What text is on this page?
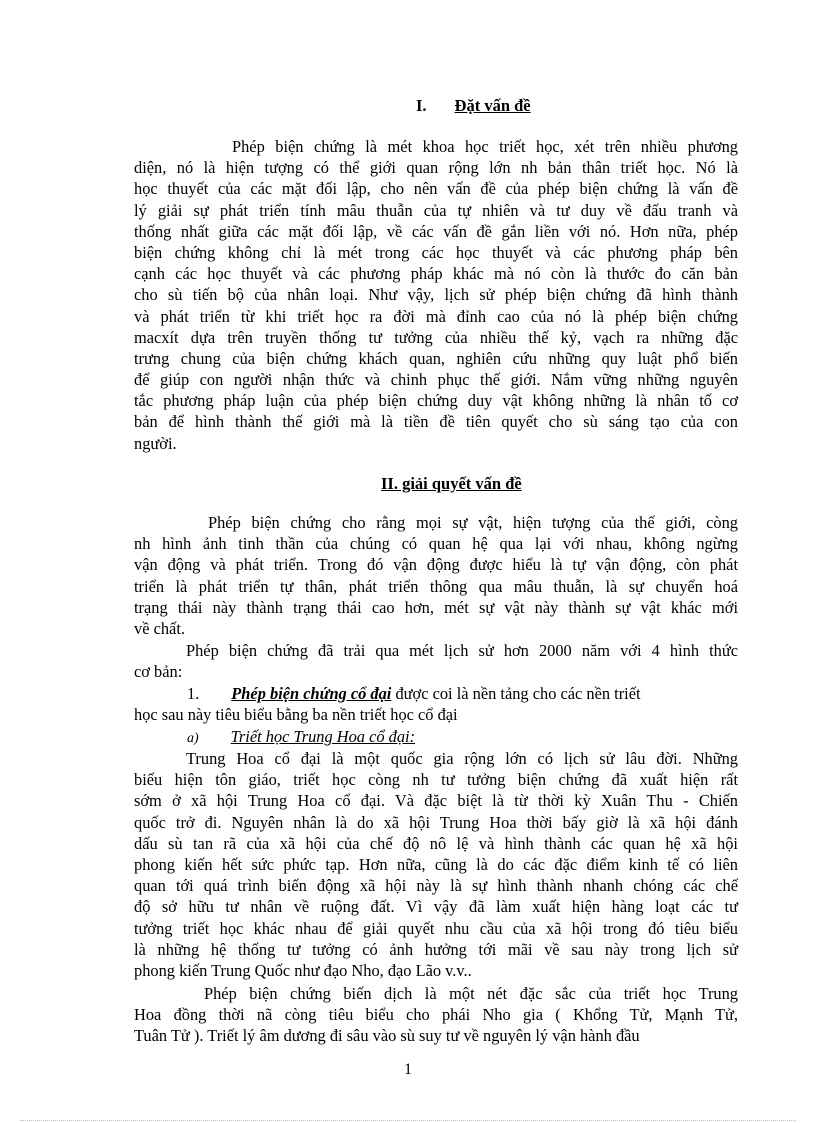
I. Đặt vấn đề
Phép biện chứng là mét khoa học triết học, xét trên nhiều phương
diện, nó là hiện tượng có thể giới quan rộng lớn nh bản thân triết học. Nó là
học thuyết của các mặt đối lập, cho nên vấn đề của phép biện chứng là vấn đề
lý giải sự phát triển tính mâu thuẫn của tự nhiên và tư duy về đấu tranh và
thống nhất giữa các mặt đối lập, về các vấn đề gắn liền với nó. Hơn nữa, phép
biện chứng không chỉ là mét trong các học thuyết và các phương pháp bên
cạnh các học thuyết và các phương pháp khác mà nó còn là thước đo căn bản
cho sù tiến bộ của nhân loại. Như vậy, lịch sử phép biện chứng đã hình thành
và phát triển từ khi triết học ra đời mà đỉnh cao của nó là phép biện chứng
macxít dựa trên truyền thống tư tưởng của nhiều thế kỷ, vạch ra những đặc
trưng chung của biện chứng khách quan, nghiên cứu những quy luật phổ biến
để giúp con người nhận thức và chinh phục thế giới. Nắm vững những nguyên
tắc phương pháp luận của phép biện chứng duy vật không những là nhân tố cơ
bản để hình thành thế giới mà là tiền đề tiên quyết cho sù sáng tạo của con
người.
II. giải quyết vấn đề
Phép biện chứng cho rằng mọi sự vật, hiện tượng của thế giới, còng
nh hình ảnh tinh thần của chúng có quan hệ qua lại với nhau, không ngừng
vận động và phát triển. Trong đó vận động được hiểu là tự vận động, còn phát
triển là phát triển tự thân, phát triển thông qua mâu thuẫn, là sự chuyển hoá
trạng thái này thành trạng thái cao hơn, mét sự vật này thành sự vật khác mới
về chất.
Phép biện chứng đã trải qua mét lịch sử hơn 2000 năm với 4 hình thức
cơ bản:
1. Phép biện chứng cổ đại được coi là nền tảng cho các nền triết
học sau này tiêu biểu bằng ba nền triết học cổ đại
a) Triết học Trung Hoa cổ đại:
Trung Hoa cổ đại là một quốc gia rộng lớn có lịch sử lâu đời. Những
biểu hiện tôn giáo, triết học còng nh tư tưởng biện chứng đã xuất hiện rất
sớm ở xã hội Trung Hoa cổ đại. Và đặc biệt là từ thời kỳ Xuân Thu - Chiến
quốc trở đi. Nguyên nhân là do xã hội Trung Hoa thời bấy giờ là xã hội đánh
dấu sù tan rã của xã hội của chế độ nô lệ và hình thành các quan hệ xã hội
phong kiến hết sức phức tạp. Hơn nữa, cũng là do các đặc điểm kinh tế có liên
quan tới quá trình biến động xã hội này là sự hình thành nhanh chóng các chế
độ sở hữu tư nhân về ruộng đất. Vì vậy đã làm xuất hiện hàng loạt các tư
tưởng triết học khác nhau để giải quyết nhu cầu của xã hội trong đó tiêu biểu
là những hệ thống tư tưởng có ảnh hưởng tới mãi về sau này trong lịch sử
phong kiến Trung Quốc như đạo Nho, đạo Lão v.v..
Phép biện chứng biến dịch là một nét đặc sắc của triết học Trung
Hoa đồng thời nã còng tiêu biểu cho phái Nho gia ( Khổng Tử, Mạnh Tử,
Tuân Tử ). Triết lý âm dương đi sâu vào sù suy tư về nguyên lý vận hành đầu
1
